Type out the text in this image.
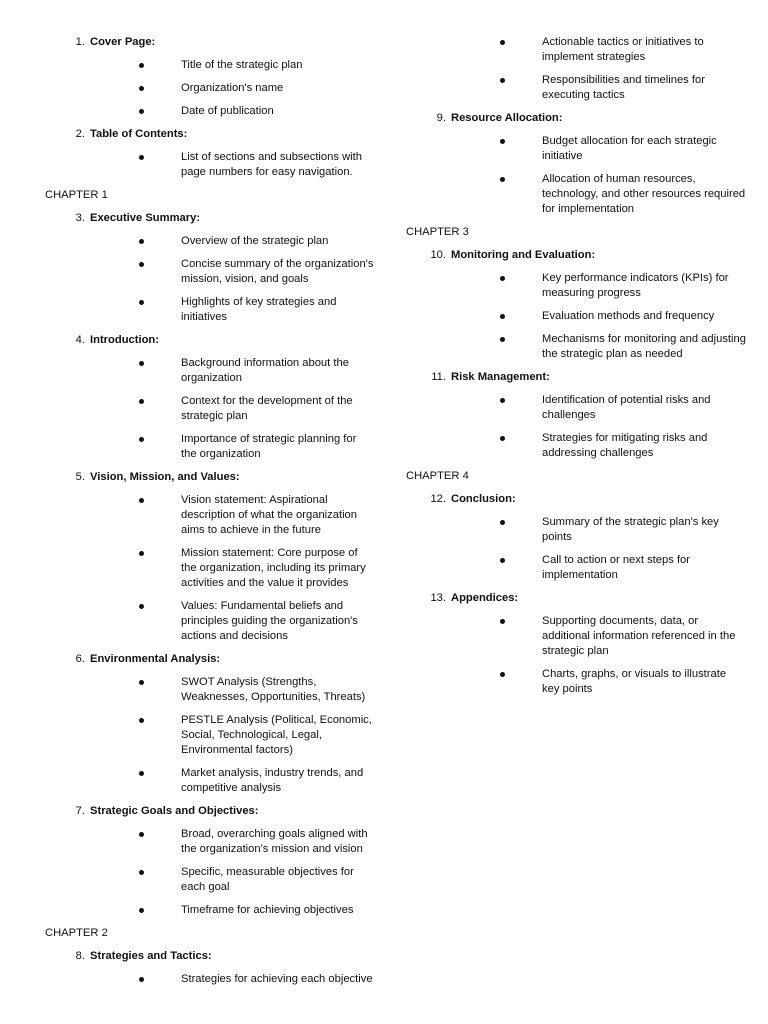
1. Cover Page:
Title of the strategic plan
Organization's name
Date of publication
2. Table of Contents:
List of sections and subsections with page numbers for easy navigation.
CHAPTER 1
3. Executive Summary:
Overview of the strategic plan
Concise summary of the organization's mission, vision, and goals
Highlights of key strategies and initiatives
4. Introduction:
Background information about the organization
Context for the development of the strategic plan
Importance of strategic planning for the organization
5. Vision, Mission, and Values:
Vision statement: Aspirational description of what the organization aims to achieve in the future
Mission statement: Core purpose of the organization, including its primary activities and the value it provides
Values: Fundamental beliefs and principles guiding the organization's actions and decisions
6. Environmental Analysis:
SWOT Analysis (Strengths, Weaknesses, Opportunities, Threats)
PESTLE Analysis (Political, Economic, Social, Technological, Legal, Environmental factors)
Market analysis, industry trends, and competitive analysis
7. Strategic Goals and Objectives:
Broad, overarching goals aligned with the organization's mission and vision
Specific, measurable objectives for each goal
Timeframe for achieving objectives
CHAPTER 2
8. Strategies and Tactics:
Strategies for achieving each objective
Actionable tactics or initiatives to implement strategies
Responsibilities and timelines for executing tactics
9. Resource Allocation:
Budget allocation for each strategic initiative
Allocation of human resources, technology, and other resources required for implementation
CHAPTER 3
10. Monitoring and Evaluation:
Key performance indicators (KPIs) for measuring progress
Evaluation methods and frequency
Mechanisms for monitoring and adjusting the strategic plan as needed
11. Risk Management:
Identification of potential risks and challenges
Strategies for mitigating risks and addressing challenges
CHAPTER 4
12. Conclusion:
Summary of the strategic plan's key points
Call to action or next steps for implementation
13. Appendices:
Supporting documents, data, or additional information referenced in the strategic plan
Charts, graphs, or visuals to illustrate key points
